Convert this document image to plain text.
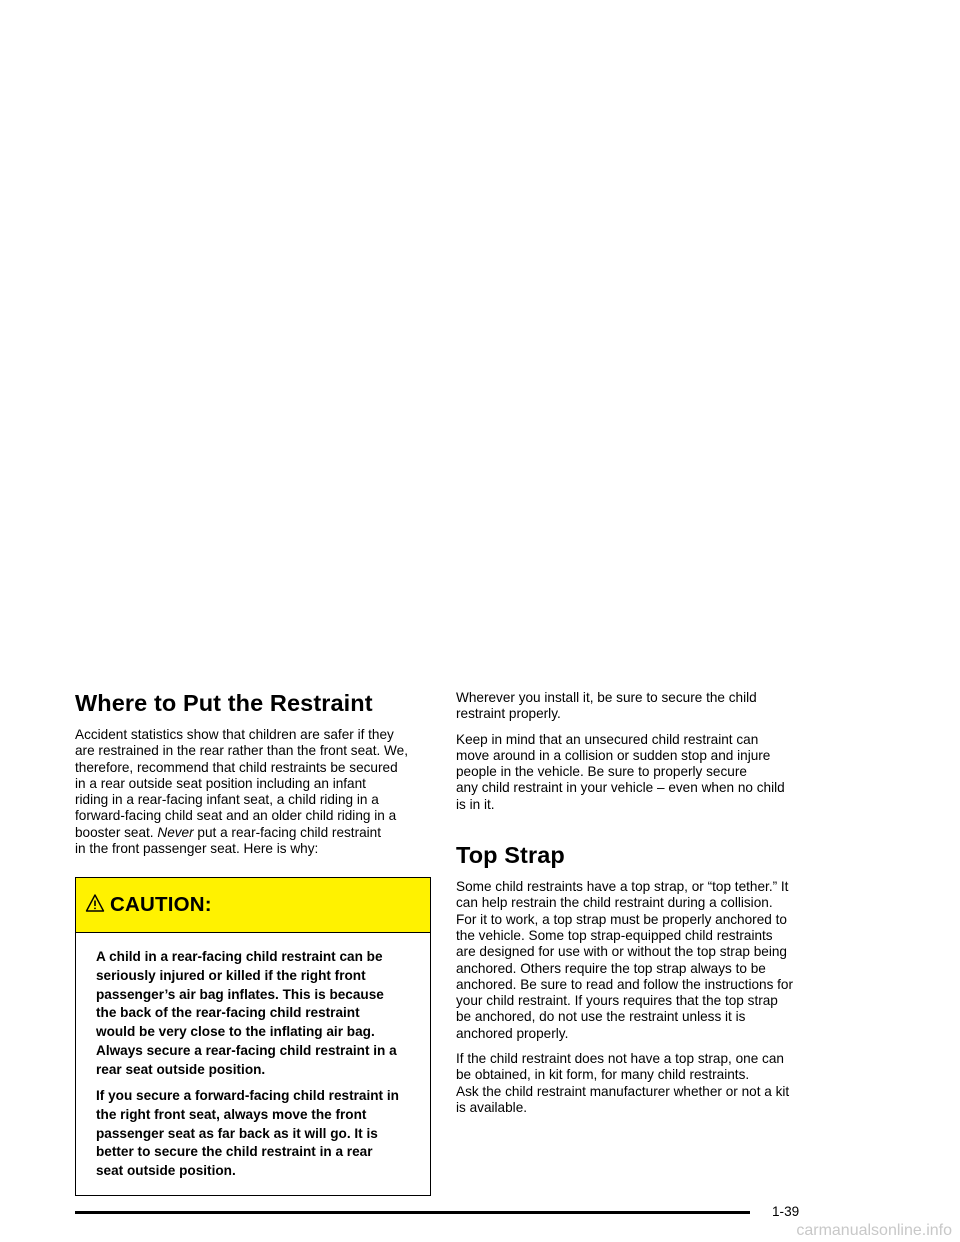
Where to Put the Restraint

Accident statistics show that children are safer if they
are restrained in the rear rather than the front seat. We,
therefore, recommend that child restraints be secured
in a rear outside seat position including an infant
riding in a rear-facing infant seat, a child riding in a
forward-facing child seat and an older child riding in a
booster seat. Never put a rear-facing child restraint
in the front passenger seat. Here is why:

CAUTION:

A child in a rear-facing child restraint can be
seriously injured or killed if the right front
passenger’s air bag inflates. This is because
the back of the rear-facing child restraint
would be very close to the inflating air bag.
Always secure a rear-facing child restraint in a
rear seat outside position.

If you secure a forward-facing child restraint in
the right front seat, always move the front
passenger seat as far back as it will go. It is
better to secure the child restraint in a rear
seat outside position.

Wherever you install it, be sure to secure the child
restraint properly.

Keep in mind that an unsecured child restraint can
move around in a collision or sudden stop and injure
people in the vehicle. Be sure to properly secure
any child restraint in your vehicle – even when no child
is in it.

Top Strap

Some child restraints have a top strap, or “top tether.” It
can help restrain the child restraint during a collision.
For it to work, a top strap must be properly anchored to
the vehicle. Some top strap-equipped child restraints
are designed for use with or without the top strap being
anchored. Others require the top strap always to be
anchored. Be sure to read and follow the instructions for
your child restraint. If yours requires that the top strap
be anchored, do not use the restraint unless it is
anchored properly.

If the child restraint does not have a top strap, one can
be obtained, in kit form, for many child restraints.
Ask the child restraint manufacturer whether or not a kit
is available.

1-39
carmanualsonline.info
